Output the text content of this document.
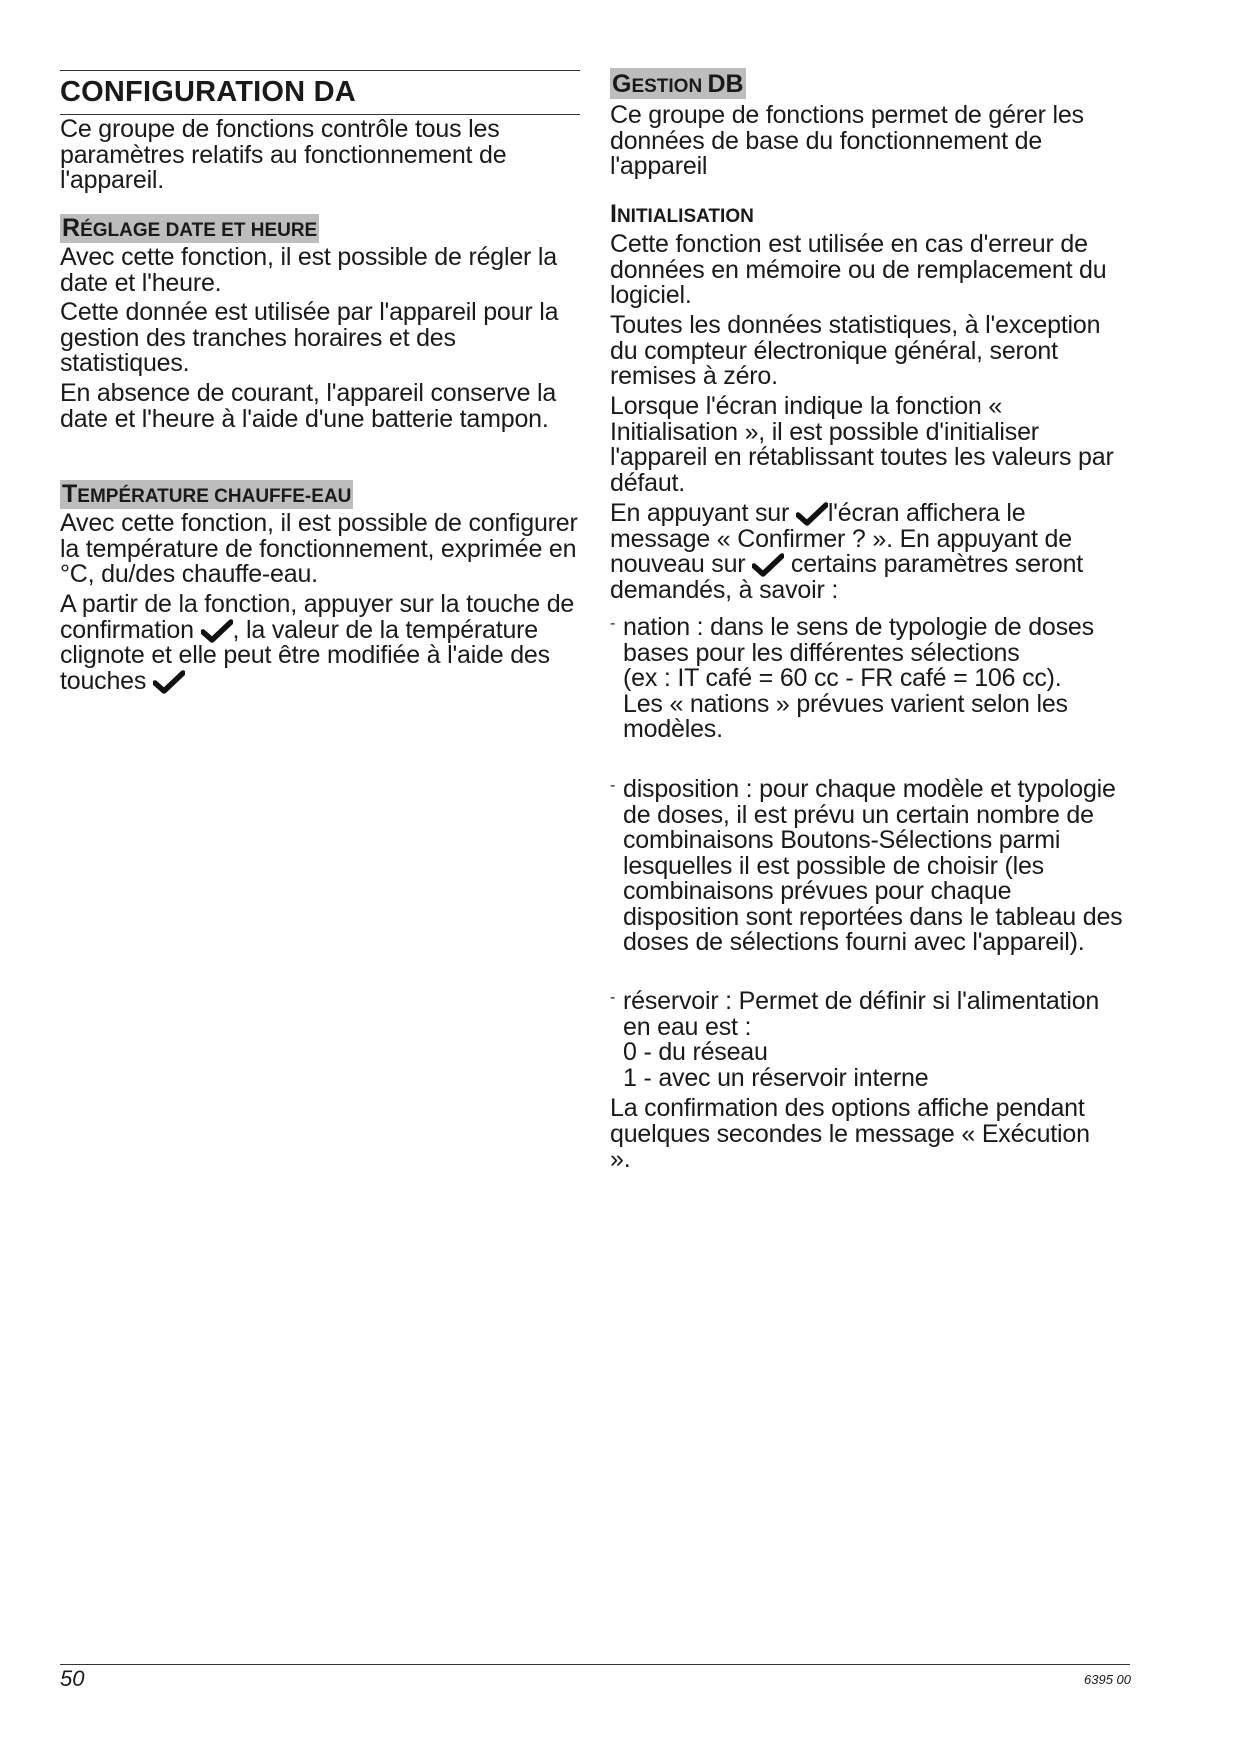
CONFIGURATION DA

Ce groupe de fonctions contrôle tous les paramètres relatifs au fonctionnement de l'appareil.

RÉGLAGE DATE ET HEURE

Avec cette fonction, il est possible de régler la date et l'heure.

Cette donnée est utilisée par l'appareil pour la gestion des tranches horaires et des statistiques.

En absence de courant, l'appareil conserve la date et l'heure à l'aide d'une batterie tampon.

TEMPÉRATURE CHAUFFE-EAU

Avec cette fonction, il est possible de configurer la température de fonctionnement, exprimée en °C, du/des chauffe-eau.

A partir de la fonction, appuyer sur la touche de confirmation , la valeur de la température clignote et elle peut être modifiée à l'aide des touches

GESTION DB

Ce groupe de fonctions permet de gérer les données de base du fonctionnement de l'appareil

INITIALISATION

Cette fonction est utilisée en cas d'erreur de données en mémoire ou de remplacement du logiciel.

Toutes les données statistiques, à l'exception du compteur électronique général, seront remises à zéro.

Lorsque l'écran indique la fonction « Initialisation », il est possible d'initialiser l'appareil en rétablissant toutes les valeurs par défaut.

En appuyant sur l'écran affichera le message « Confirmer ? ». En appuyant de nouveau sur certains paramètres seront demandés, à savoir :

- nation : dans le sens de typologie de doses bases pour les différentes sélections

(ex : IT café = 60 cc - FR café = 106 cc).

Les « nations » prévues varient selon les modèles.

- disposition : pour chaque modèle et typologie de doses, il est prévu un certain nombre de combinaisons Boutons-Sélections parmi lesquelles il est possible de choisir (les combinaisons prévues pour chaque disposition sont reportées dans le tableau des doses de sélections fourni avec l'appareil).

- réservoir : Permet de définir si l'alimentation en eau est :

0 - du réseau

1 - avec un réservoir interne

La confirmation des options affiche pendant quelques secondes le message « Exécution ».

50	6395 00
